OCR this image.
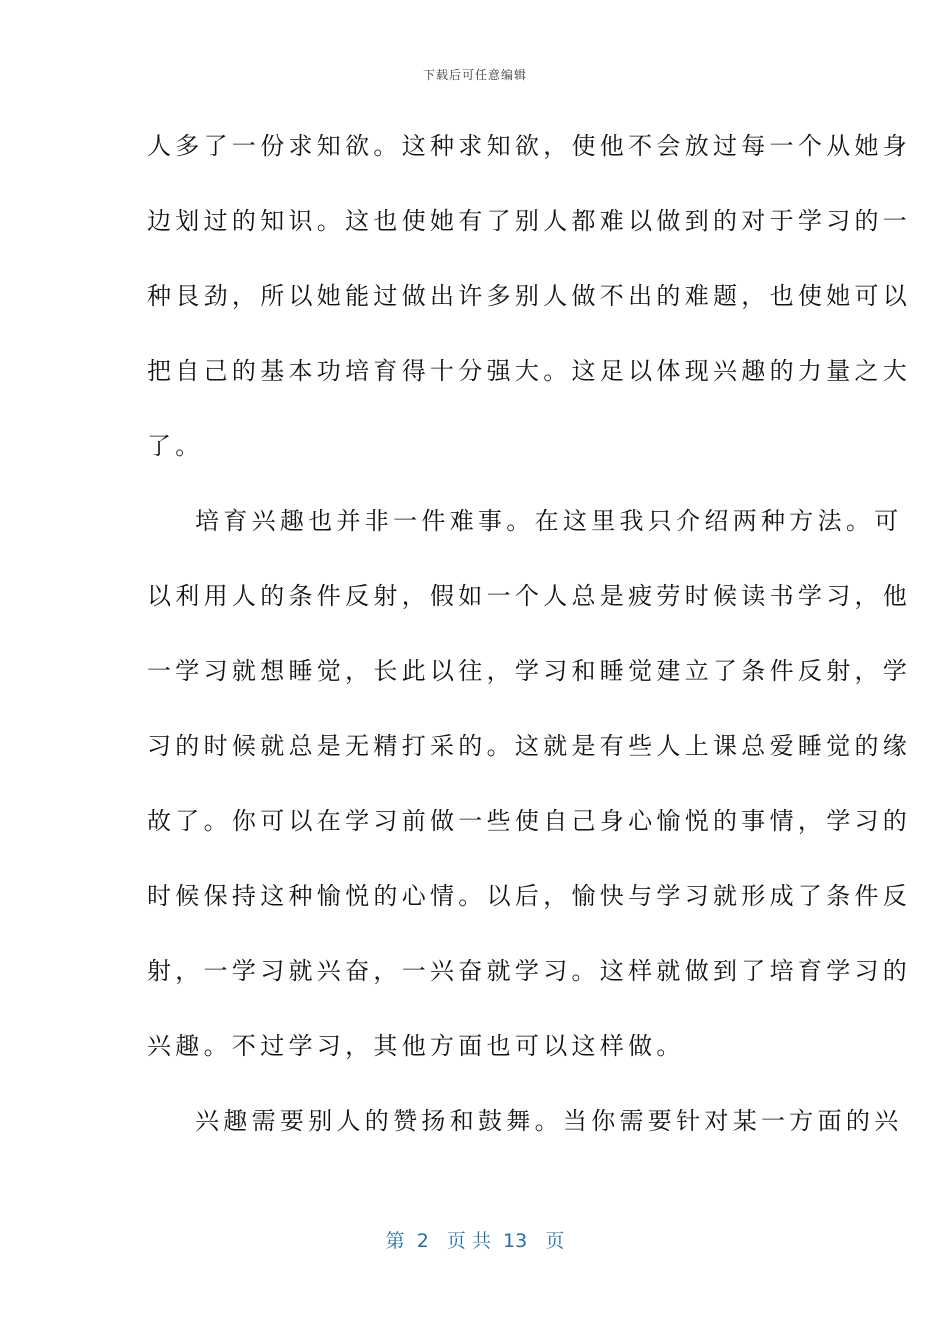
下载后可任意编辑
人多了一份求知欲。这种求知欲，使他不会放过每一个从她身
边划过的知识。这也使她有了别人都难以做到的对于学习的一
种艮劲，所以她能过做出许多别人做不出的难题，也使她可以
把自己的基本功培育得十分强大。这足以体现兴趣的力量之大
了。
培育兴趣也并非一件难事。在这里我只介绍两种方法。可
以利用人的条件反射，假如一个人总是疲劳时候读书学习，他
一学习就想睡觉，长此以往，学习和睡觉建立了条件反射，学
习的时候就总是无精打采的。这就是有些人上课总爱睡觉的缘
故了。你可以在学习前做一些使自己身心愉悦的事情，学习的
时候保持这种愉悦的心情。以后，愉快与学习就形成了条件反
射，一学习就兴奋，一兴奋就学习。这样就做到了培育学习的
兴趣。不过学习，其他方面也可以这样做。
兴趣需要别人的赞扬和鼓舞。当你需要针对某一方面的兴
第  2   页 共  13   页
